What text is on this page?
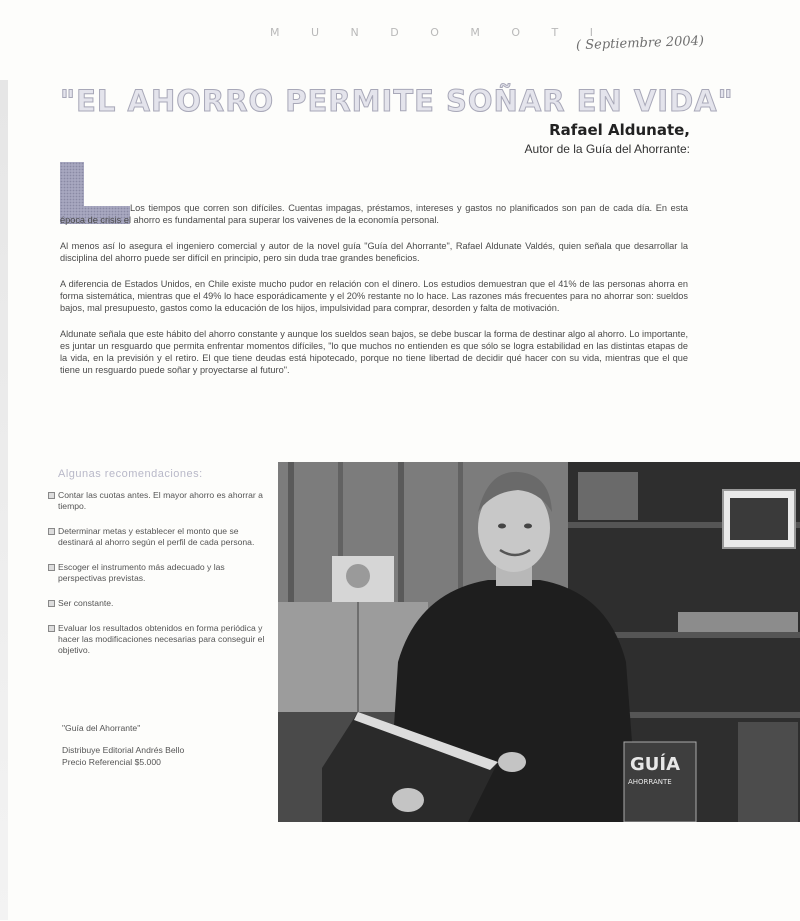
M U N D O M O T I
( Septiembre 2004)
"EL AHORRO PERMITE SOÑAR EN VIDA"
Rafael Aldunate,
Autor de la Guía del Ahorrante:

Los tiempos que corren son difíciles. Cuentas impagas, préstamos, intereses y gastos no planificados son pan de cada día. En esta época de crisis el ahorro es fundamental para superar los vaivenes de la economía personal.

Al menos así lo asegura el ingeniero comercial y autor de la novel guía "Guía del Ahorrante", Rafael Aldunate Valdés, quien señala que desarrollar la disciplina del ahorro puede ser difícil en principio, pero sin duda trae grandes beneficios.

A diferencia de Estados Unidos, en Chile existe mucho pudor en relación con el dinero. Los estudios demuestran que el 41% de las personas ahorra en forma sistemática, mientras que el 49% lo hace esporádicamente y el 20% restante no lo hace. Las razones más frecuentes para no ahorrar son: sueldos bajos, mal presupuesto, gastos como la educación de los hijos, impulsividad para comprar, desorden y falta de motivación.

Aldunate señala que este hábito del ahorro constante y aunque los sueldos sean bajos, se debe buscar la forma de destinar algo al ahorro. Lo importante, es juntar un resguardo que permita enfrentar momentos difíciles, "lo que muchos no entienden es que sólo se logra estabilidad en las distintas etapas de la vida, en la previsión y el retiro. El que tiene deudas está hipotecado, porque no tiene libertad de decidir qué hacer con su vida, mientras que el que tiene un resguardo puede soñar y proyectarse al futuro".

Algunas recomendaciones:
Contar las cuotas antes. El mayor ahorro es ahorrar a tiempo.
Determinar metas y establecer el monto que se destinará al ahorro según el perfil de cada persona.
Escoger el instrumento más adecuado y las perspectivas previstas.
Ser constante.
Evaluar los resultados obtenidos en forma periódica y hacer las modificaciones necesarias para conseguir el objetivo.
"Guía del Ahorrante"
Distribuye Editorial Andrés Bello
Precio Referencial $5.000	GUÍA
AHORRANTE
